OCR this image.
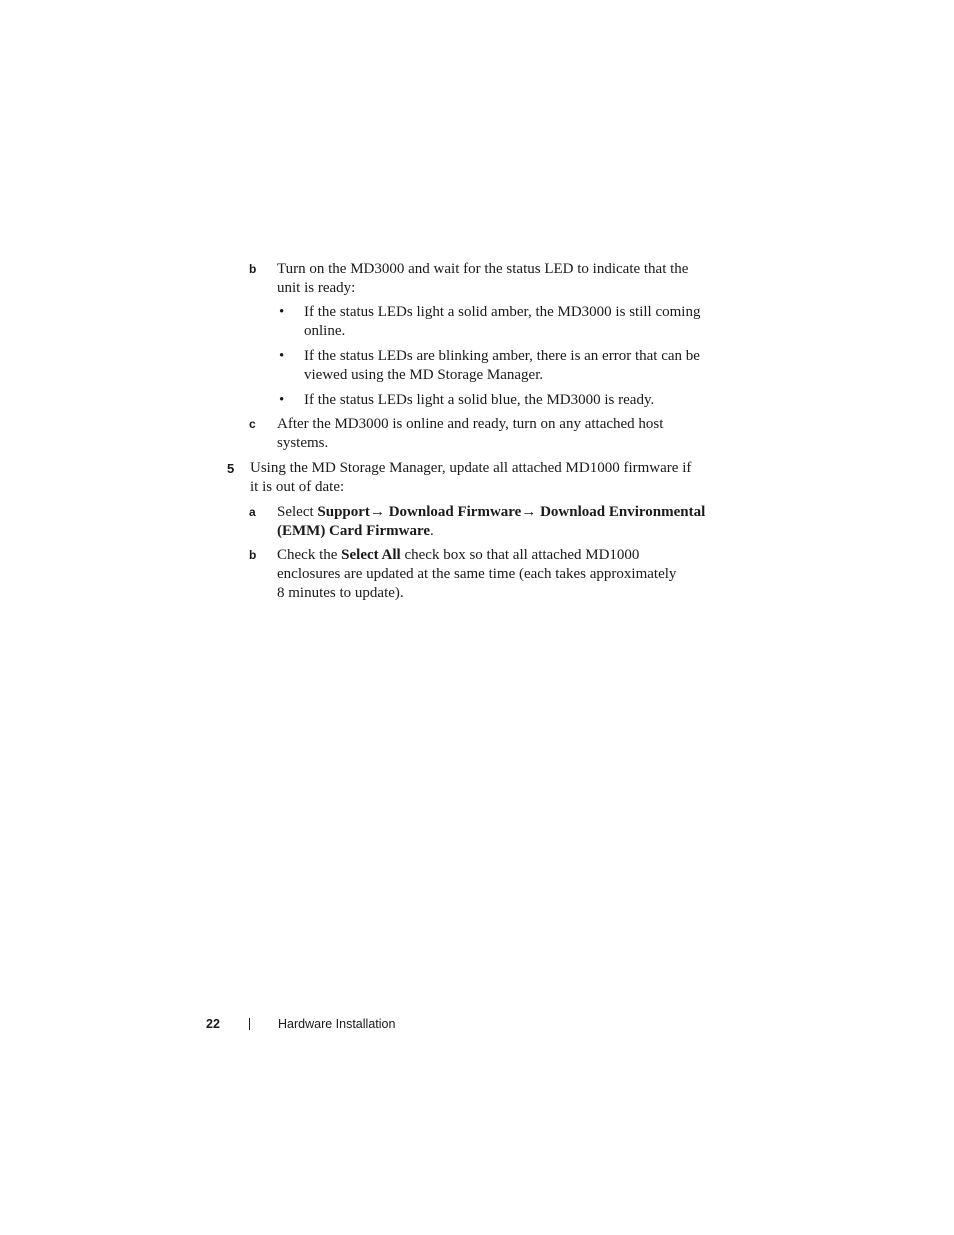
b Turn on the MD3000 and wait for the status LED to indicate that the
unit is ready:
• If the status LEDs light a solid amber, the MD3000 is still coming
online.
• If the status LEDs are blinking amber, there is an error that can be
viewed using the MD Storage Manager.
• If the status LEDs light a solid blue, the MD3000 is ready.
c After the MD3000 is online and ready, turn on any attached host
systems.
5 Using the MD Storage Manager, update all attached MD1000 firmware if
it is out of date:
a Select Support→ Download Firmware→ Download Environmental
(EMM) Card Firmware.
b Check the Select All check box so that all attached MD1000
enclosures are updated at the same time (each takes approximately
8 minutes to update).
22	Hardware Installation
